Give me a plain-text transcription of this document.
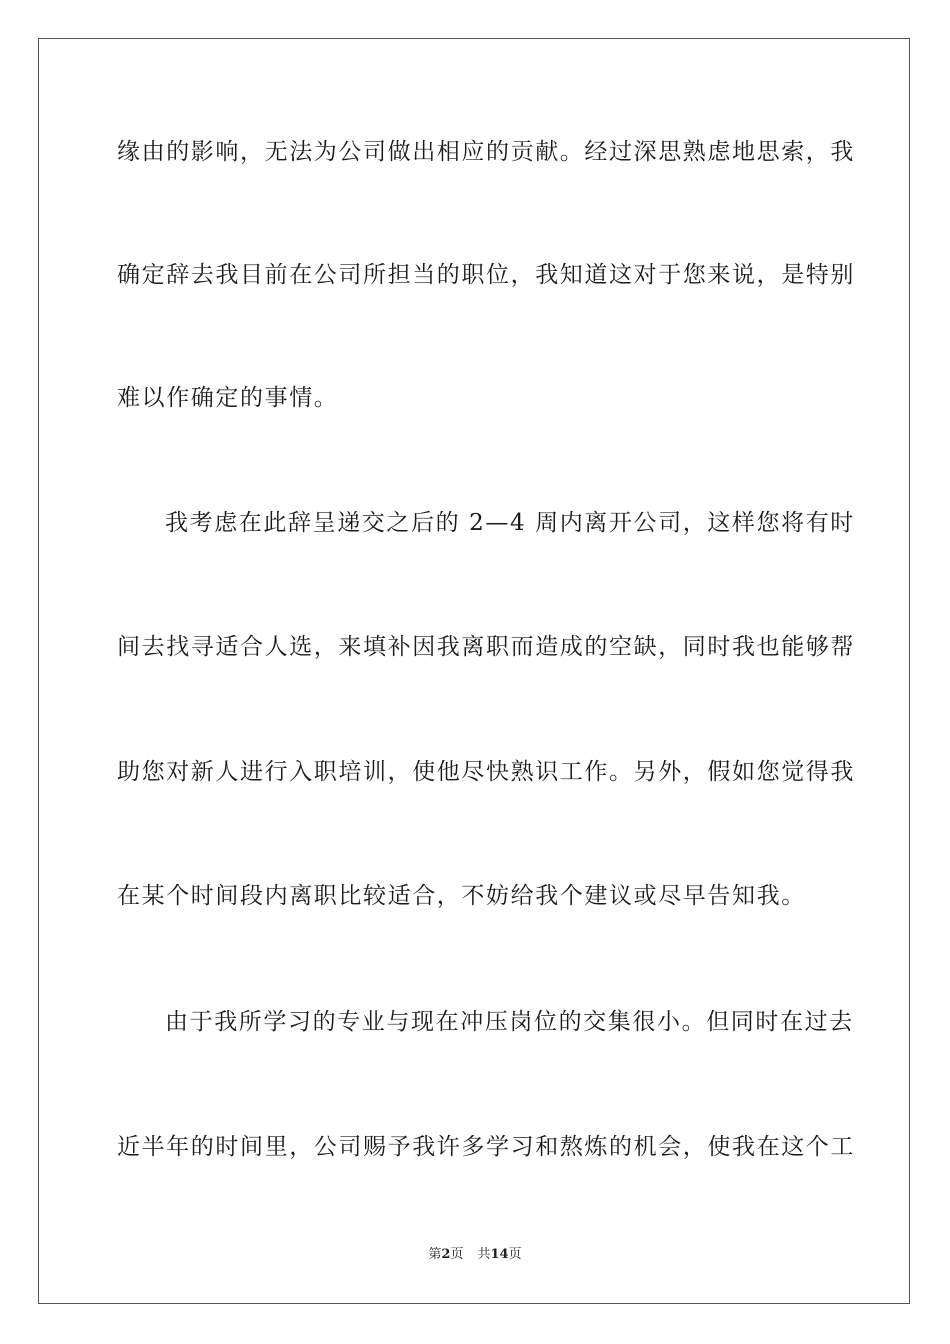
缘由的影响，无法为公司做出相应的贡献。经过深思熟虑地思索，我
确定辞去我目前在公司所担当的职位，我知道这对于您来说，是特别
难以作确定的事情。
我考虑在此辞呈递交之后的 2—4 周内离开公司，这样您将有时
间去找寻适合人选，来填补因我离职而造成的空缺，同时我也能够帮
助您对新人进行入职培训，使他尽快熟识工作。另外，假如您觉得我
在某个时间段内离职比较适合，不妨给我个建议或尽早告知我。
由于我所学习的专业与现在冲压岗位的交集很小。但同时在过去
近半年的时间里，公司赐予我许多学习和熬炼的机会，使我在这个工
第2页 共14页
